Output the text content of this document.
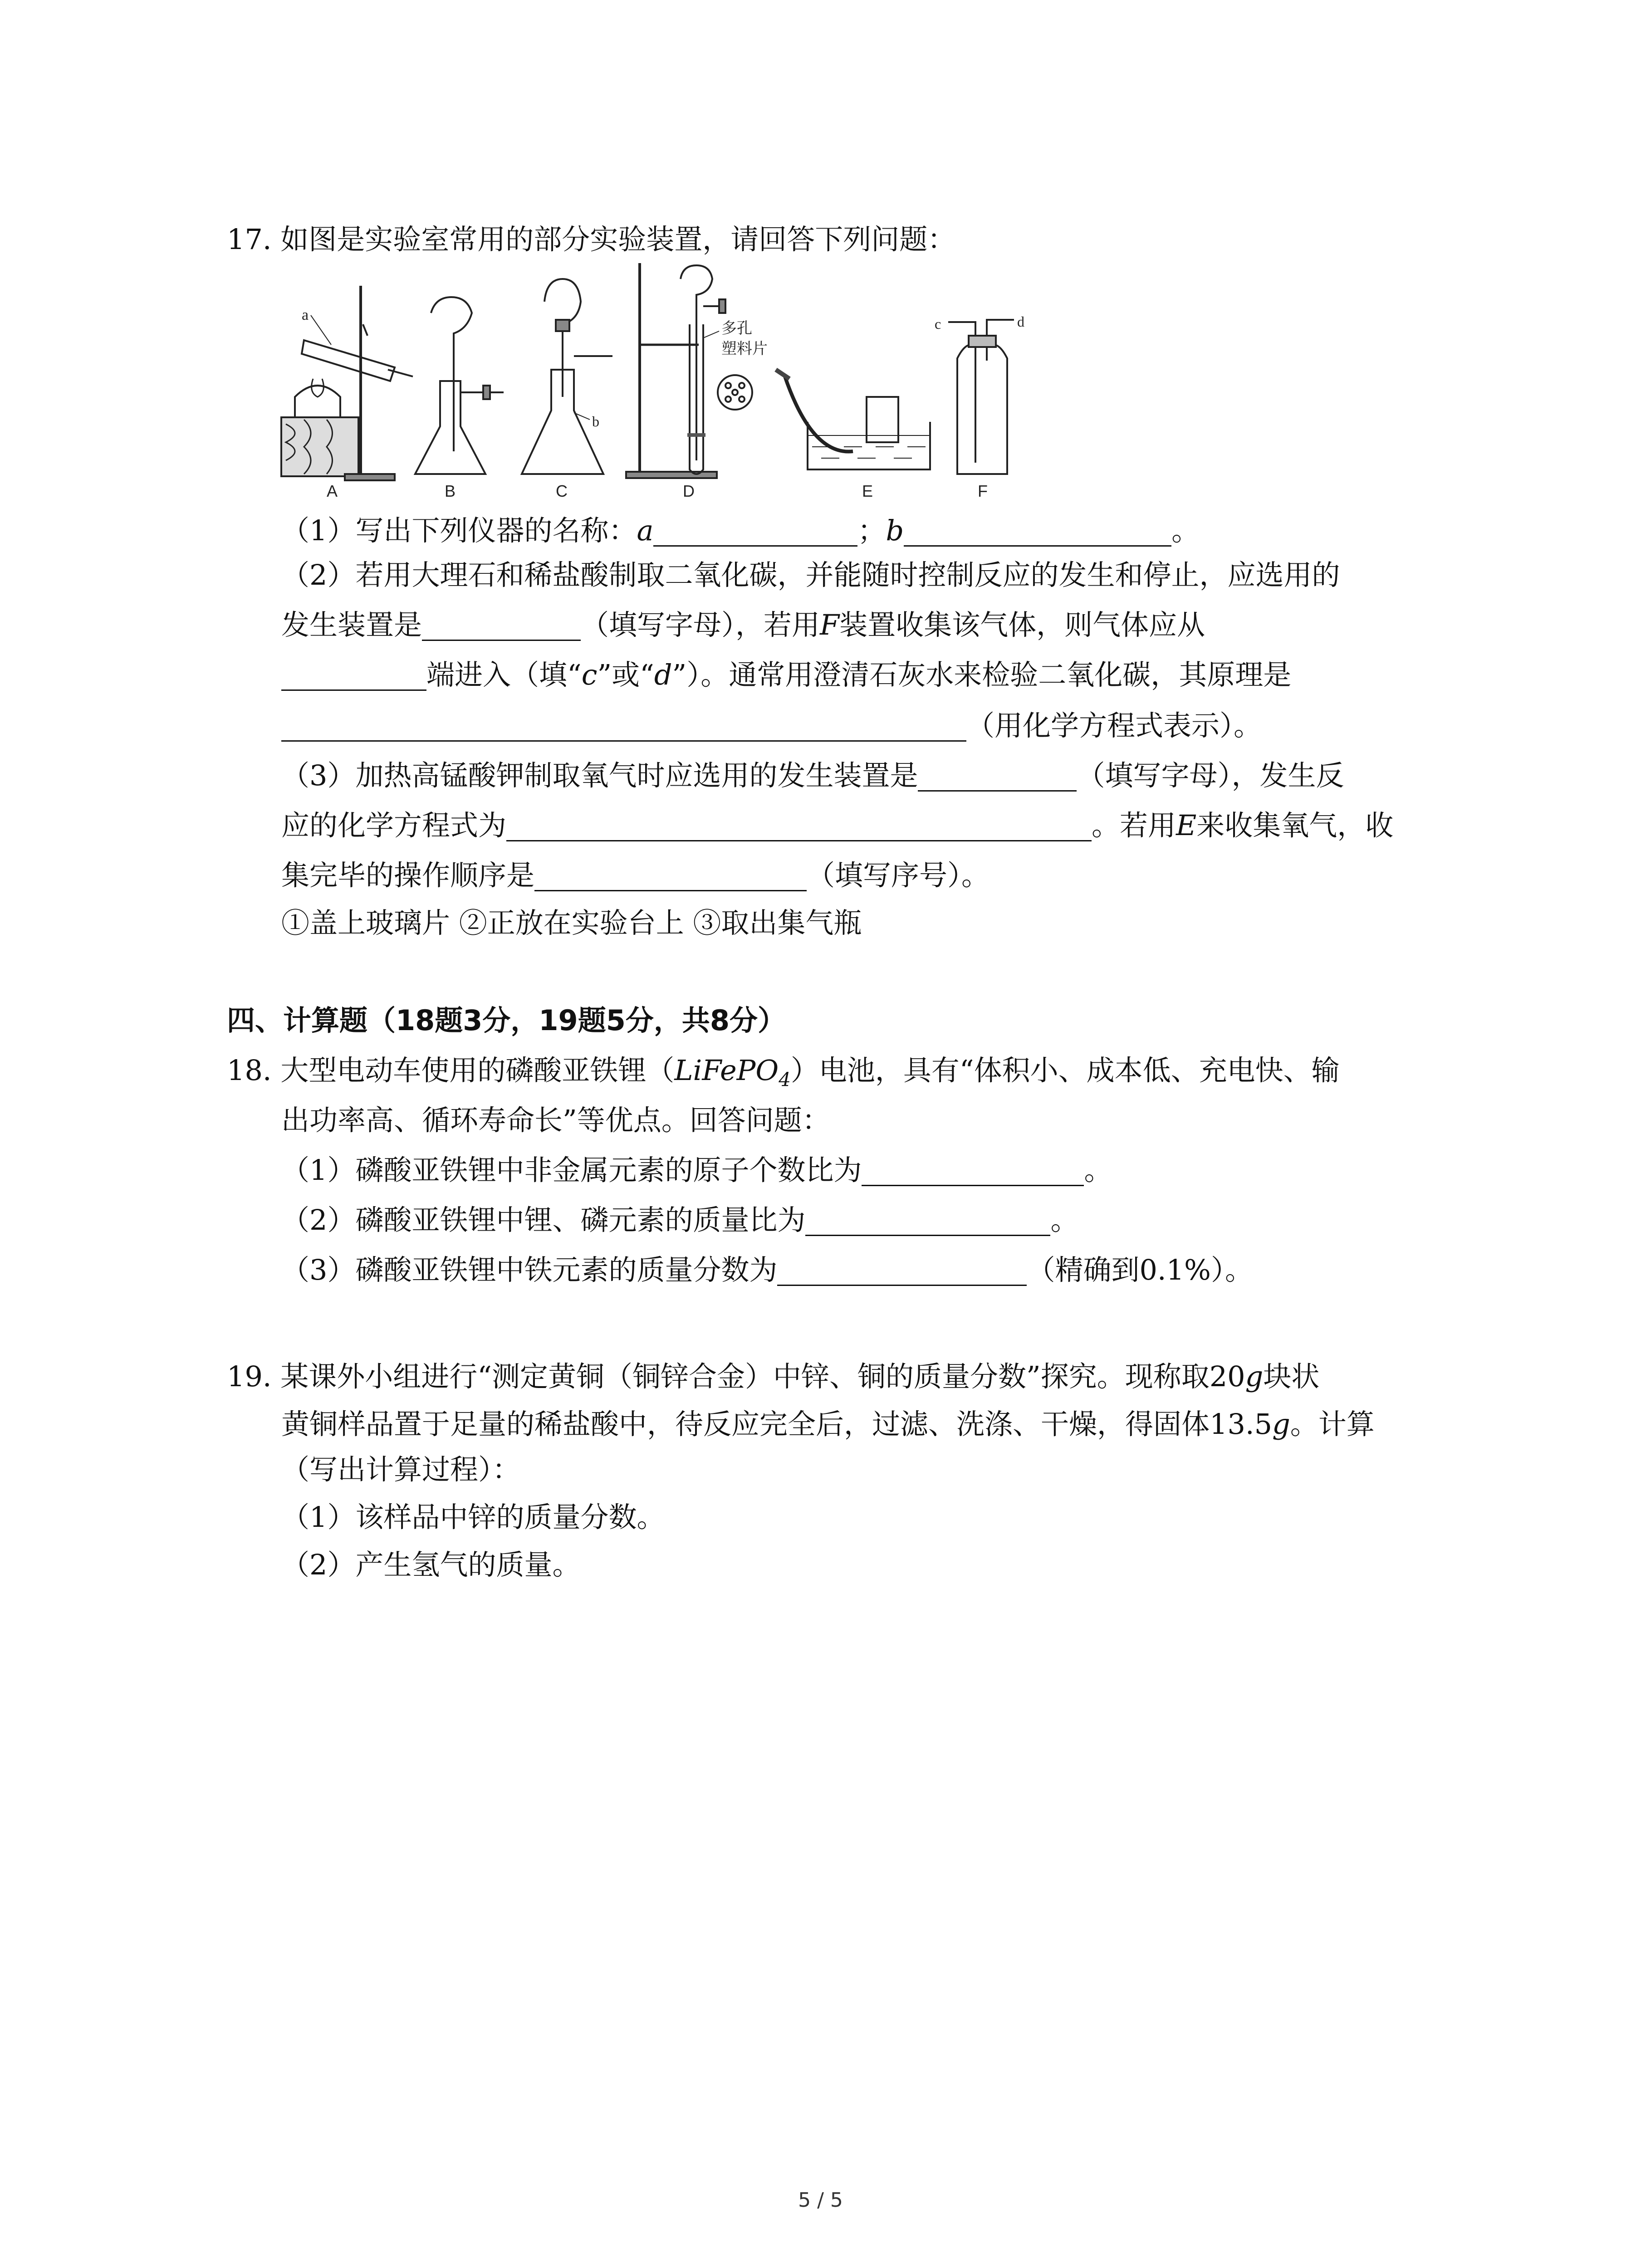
17. 如图是实验室常用的部分实验装置，请回答下列问题：
a
A	B
b
C
多孔
塑料片
D	E
c	d
F
（1）写出下列仪器的名称：a	；b	。
（2）若用大理石和稀盐酸制取二氧化碳，并能随时控制反应的发生和停止，应选用的
发生装置是	（填写字母），若用F装置收集该气体，则气体应从
端进入（填“c”或“d”）。通常用澄清石灰水来检验二氧化碳，其原理是
（用化学方程式表示）。
（3）加热高锰酸钾制取氧气时应选用的发生装置是	（填写字母），发生反
应的化学方程式为	。若用E来收集氧气，收
集完毕的操作顺序是	（填写序号）。
①盖上玻璃片 ②正放在实验台上 ③取出集气瓶
四、计算题（18题3分，19题5分，共8分）
18. 大型电动车使用的磷酸亚铁锂（LiFePO$_4$）电池，具有“体积小、成本低、充电快、输
出功率高、循环寿命长”等优点。回答问题：
（1）磷酸亚铁锂中非金属元素的原子个数比为	。
（2）磷酸亚铁锂中锂、磷元素的质量比为	。
（3）磷酸亚铁锂中铁元素的质量分数为	（精确到0.1%）。
19. 某课外小组进行“测定黄铜（铜锌合金）中锌、铜的质量分数”探究。现称取20g块状
黄铜样品置于足量的稀盐酸中，待反应完全后，过滤、洗涤、干燥，得固体13.5g。计算
（写出计算过程）：
（1）该样品中锌的质量分数。
（2）产生氢气的质量。
5 / 5
